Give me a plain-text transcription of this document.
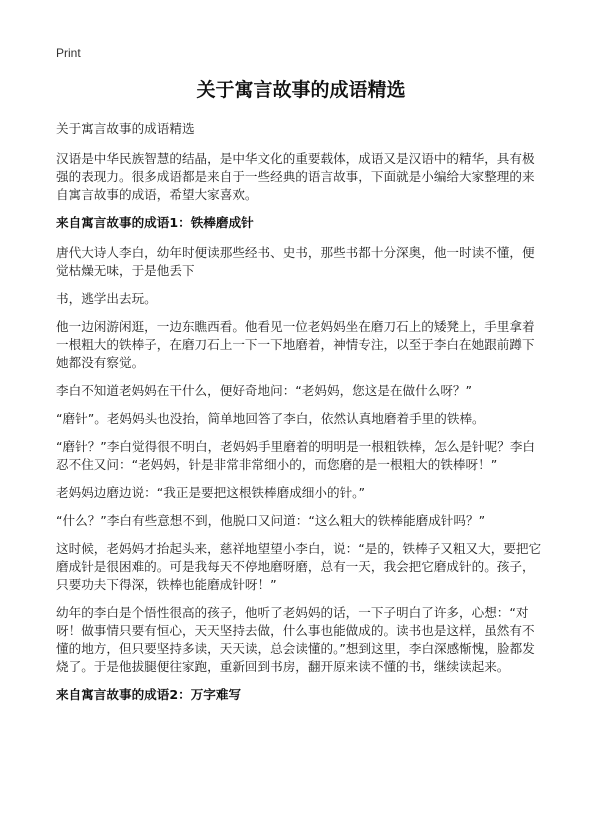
Print
关于寓言故事的成语精选
关于寓言故事的成语精选
汉语是中华民族智慧的结晶，是中华文化的重要载体，成语又是汉语中的精华，具有极强的表现力。很多成语都是来自于一些经典的语言故事，下面就是小编给大家整理的来自寓言故事的成语，希望大家喜欢。
来自寓言故事的成语1：铁棒磨成针
唐代大诗人李白，幼年时便读那些经书、史书，那些书都十分深奥，他一时读不懂，便觉枯燥无味，于是他丢下
书，逃学出去玩。
他一边闲游闲逛，一边东瞧西看。他看见一位老妈妈坐在磨刀石上的矮凳上，手里拿着一根粗大的铁棒子，在磨刀石上一下一下地磨着，神情专注，以至于李白在她跟前蹲下她都没有察觉。
李白不知道老妈妈在干什么，便好奇地问：“老妈妈，您这是在做什么呀？”
“磨针”。老妈妈头也没抬，简单地回答了李白，依然认真地磨着手里的铁棒。
“磨针？”李白觉得很不明白，老妈妈手里磨着的明明是一根粗铁棒，怎么是针呢？李白忍不住又问：“老妈妈，针是非常非常细小的，而您磨的是一根粗大的铁棒呀！”
老妈妈边磨边说：“我正是要把这根铁棒磨成细小的针。”
“什么？”李白有些意想不到，他脱口又问道：“这么粗大的铁棒能磨成针吗？”
这时候，老妈妈才抬起头来，慈祥地望望小李白，说：“是的，铁棒子又粗又大，要把它磨成针是很困难的。可是我每天不停地磨呀磨，总有一天，我会把它磨成针的。孩子，只要功夫下得深，铁棒也能磨成针呀！”
幼年的李白是个悟性很高的孩子，他听了老妈妈的话，一下子明白了许多，心想：“对呀！做事情只要有恒心，天天坚持去做，什么事也能做成的。读书也是这样，虽然有不懂的地方，但只要坚持多读，天天读，总会读懂的。”想到这里，李白深感惭愧，脸都发烧了。于是他拔腿便往家跑，重新回到书房，翻开原来读不懂的书，继续读起来。
来自寓言故事的成语2：万字难写
